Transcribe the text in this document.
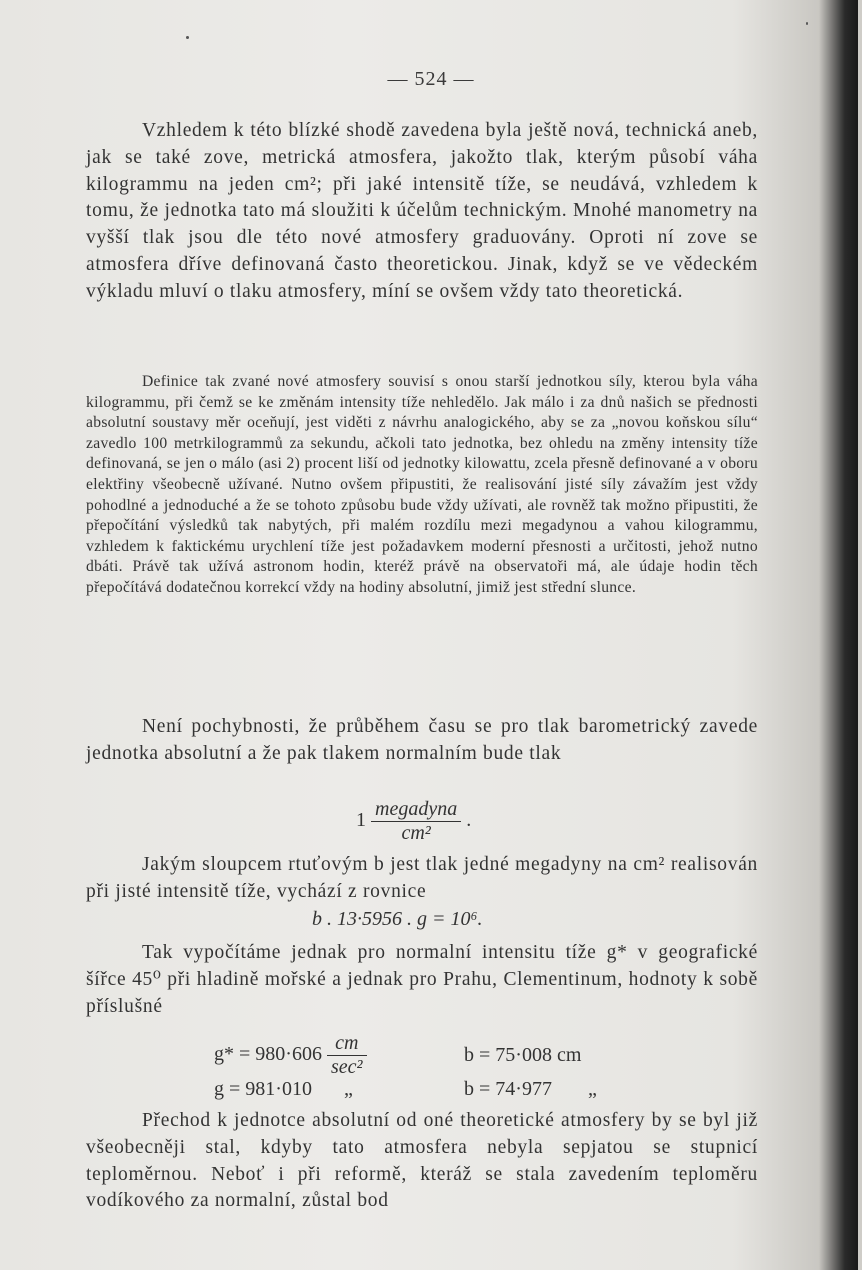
— 524 —

Vzhledem k této blízké shodě zavedena byla ještě nová, technická aneb, jak se také zove, metrická atmosfera, jakožto tlak, kterým působí váha kilogrammu na jeden cm²; při jaké intensitě tíže, se neudává, vzhledem k tomu, že jednotka tato má sloužiti k účelům technickým. Mnohé manometry na vyšší tlak jsou dle této nové atmosfery graduovány. Oproti ní zove se atmosfera dříve definovaná často theoretickou. Jinak, když se ve vědeckém výkladu mluví o tlaku atmosfery, míní se ovšem vždy tato theoretická.

Definice tak zvané nové atmosfery souvisí s onou starší jednotkou síly, kterou byla váha kilogrammu, při čemž se ke změnám intensity tíže nehledělo. Jak málo i za dnů našich se přednosti absolutní soustavy měr oceňují, jest viděti z návrhu analogického, aby se za „novou koňskou sílu“ zavedlo 100 metrkilogrammů za sekundu, ačkoli tato jednotka, bez ohledu na změny intensity tíže definovaná, se jen o málo (asi 2) procent liší od jednotky kilowattu, zcela přesně definované a v oboru elektřiny všeobecně užívané. Nutno ovšem připustiti, že realisování jisté síly závažím jest vždy pohodlné a jednoduché a že se tohoto způsobu bude vždy užívati, ale rovněž tak možno připustiti, že přepočítání výsledků tak nabytých, při malém rozdílu mezi megadynou a vahou kilogrammu, vzhledem k faktickému urychlení tíže jest požadavkem moderní přesnosti a určitosti, jehož nutno dbáti. Právě tak užívá astronom hodin, kteréž právě na observatoři má, ale údaje hodin těch přepočítává dodatečnou korrekcí vždy na hodiny absolutní, jimiž jest střední slunce.

Není pochybnosti, že průběhem času se pro tlak barometrický zavede jednotka absolutní a že pak tlakem normalním bude tlak

$1 \frac{\text{megadyna}}{\text{cm²}}$ .

Jakým sloupcem rtuťovým b jest tlak jedné megadyny na cm² realisován při jisté intensitě tíže, vychází z rovnice

b . 13·5956 . g = 10⁶.

Tak vypočítáme jednak pro normalní intensitu tíže g* v geografické šířce 45⁰ při hladině mořské a jednak pro Prahu, Clementinum, hodnoty k sobě příslušné

$g* = 980\cdot 606 \frac{cm}{\text{sec²}}$	b = 75·008 cm
g = 981·010 „	b = 74·977 „

Přechod k jednotce absolutní od oné theoretické atmosfery by se byl již všeobecněji stal, kdyby tato atmosfera nebyla sepjatou se stupnicí teploměrnou. Neboť i při reformě, kteráž se stala zavedením teploměru vodíkového za normalní, zůstal bod
